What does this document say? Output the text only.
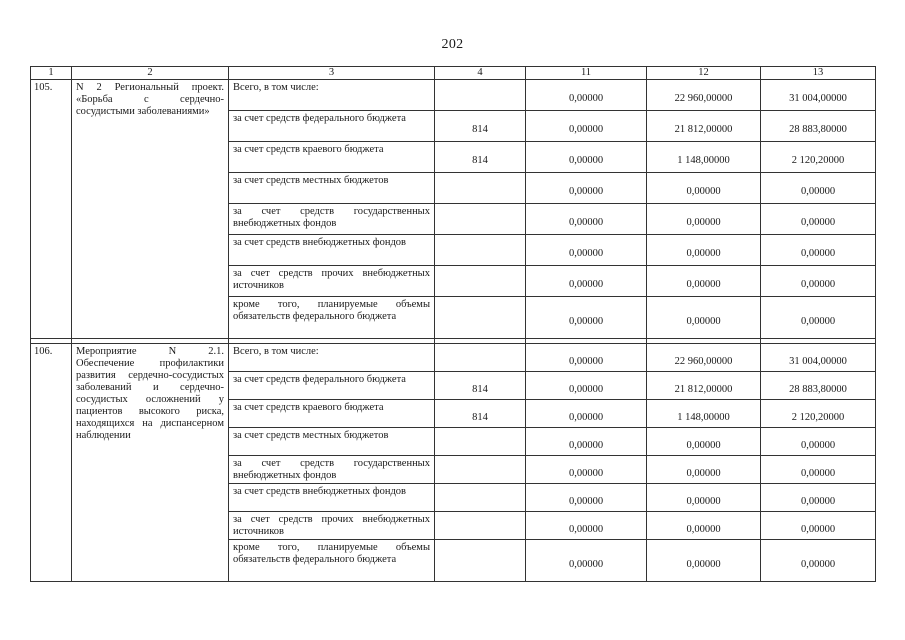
202
1	2	3	4	11	12	13
105.	N 2 Региональный проект. «Борьба с сердечно-сосудистыми заболеваниями»	Всего, в том числе:		0,00000	22 960,00000	31 004,00000
		за счет средств федерального бюджета	814	0,00000	21 812,00000	28 883,80000
		за счет средств краевого бюджета	814	0,00000	1 148,00000	2 120,20000
		за счет средств местных бюджетов		0,00000	0,00000	0,00000
		за счет средств государственных внебюджетных фондов		0,00000	0,00000	0,00000
		за счет средств внебюджетных фондов		0,00000	0,00000	0,00000
		за счет средств прочих внебюджетных источников		0,00000	0,00000	0,00000
		кроме того, планируемые объемы обязательств федерального бюджета		0,00000	0,00000	0,00000

106.	Мероприятие N 2.1. Обеспечение профилактики развития сердечно-сосудистых заболеваний и сердечно-сосудистых осложнений у пациентов высокого риска, находящихся на диспансерном наблюдении	Всего, в том числе:		0,00000	22 960,00000	31 004,00000
		за счет средств федерального бюджета	814	0,00000	21 812,00000	28 883,80000
		за счет средств краевого бюджета	814	0,00000	1 148,00000	2 120,20000
		за счет средств местных бюджетов		0,00000	0,00000	0,00000
		за счет средств государственных внебюджетных фондов		0,00000	0,00000	0,00000
		за счет средств внебюджетных фондов		0,00000	0,00000	0,00000
		за счет средств прочих внебюджетных источников		0,00000	0,00000	0,00000
		кроме того, планируемые объемы обязательств федерального бюджета		0,00000	0,00000	0,00000
